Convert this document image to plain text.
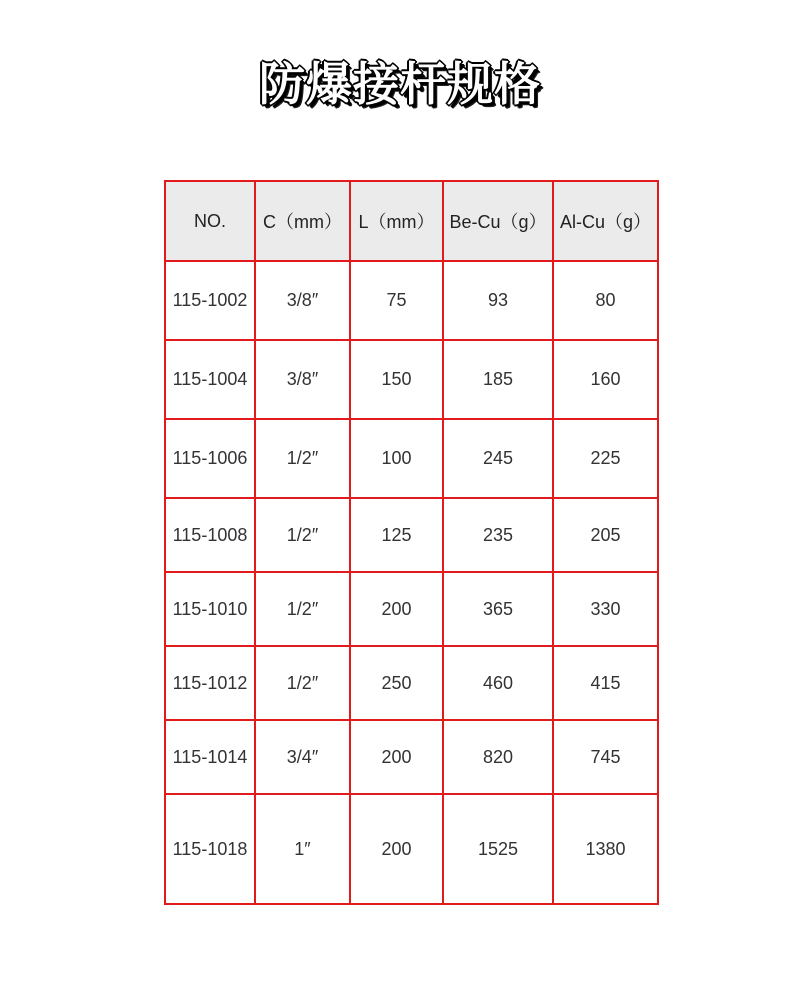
防爆接杆规格
NO.	C（mm）	L（mm）	Be-Cu（g）	Al-Cu（g）
115-1002	3/8″	75	93	80
115-1004	3/8″	150	185	160
115-1006	1/2″	100	245	225
115-1008	1/2″	125	235	205
115-1010	1/2″	200	365	330
115-1012	1/2″	250	460	415
115-1014	3/4″	200	820	745
115-1018	1″	200	1525	1380
